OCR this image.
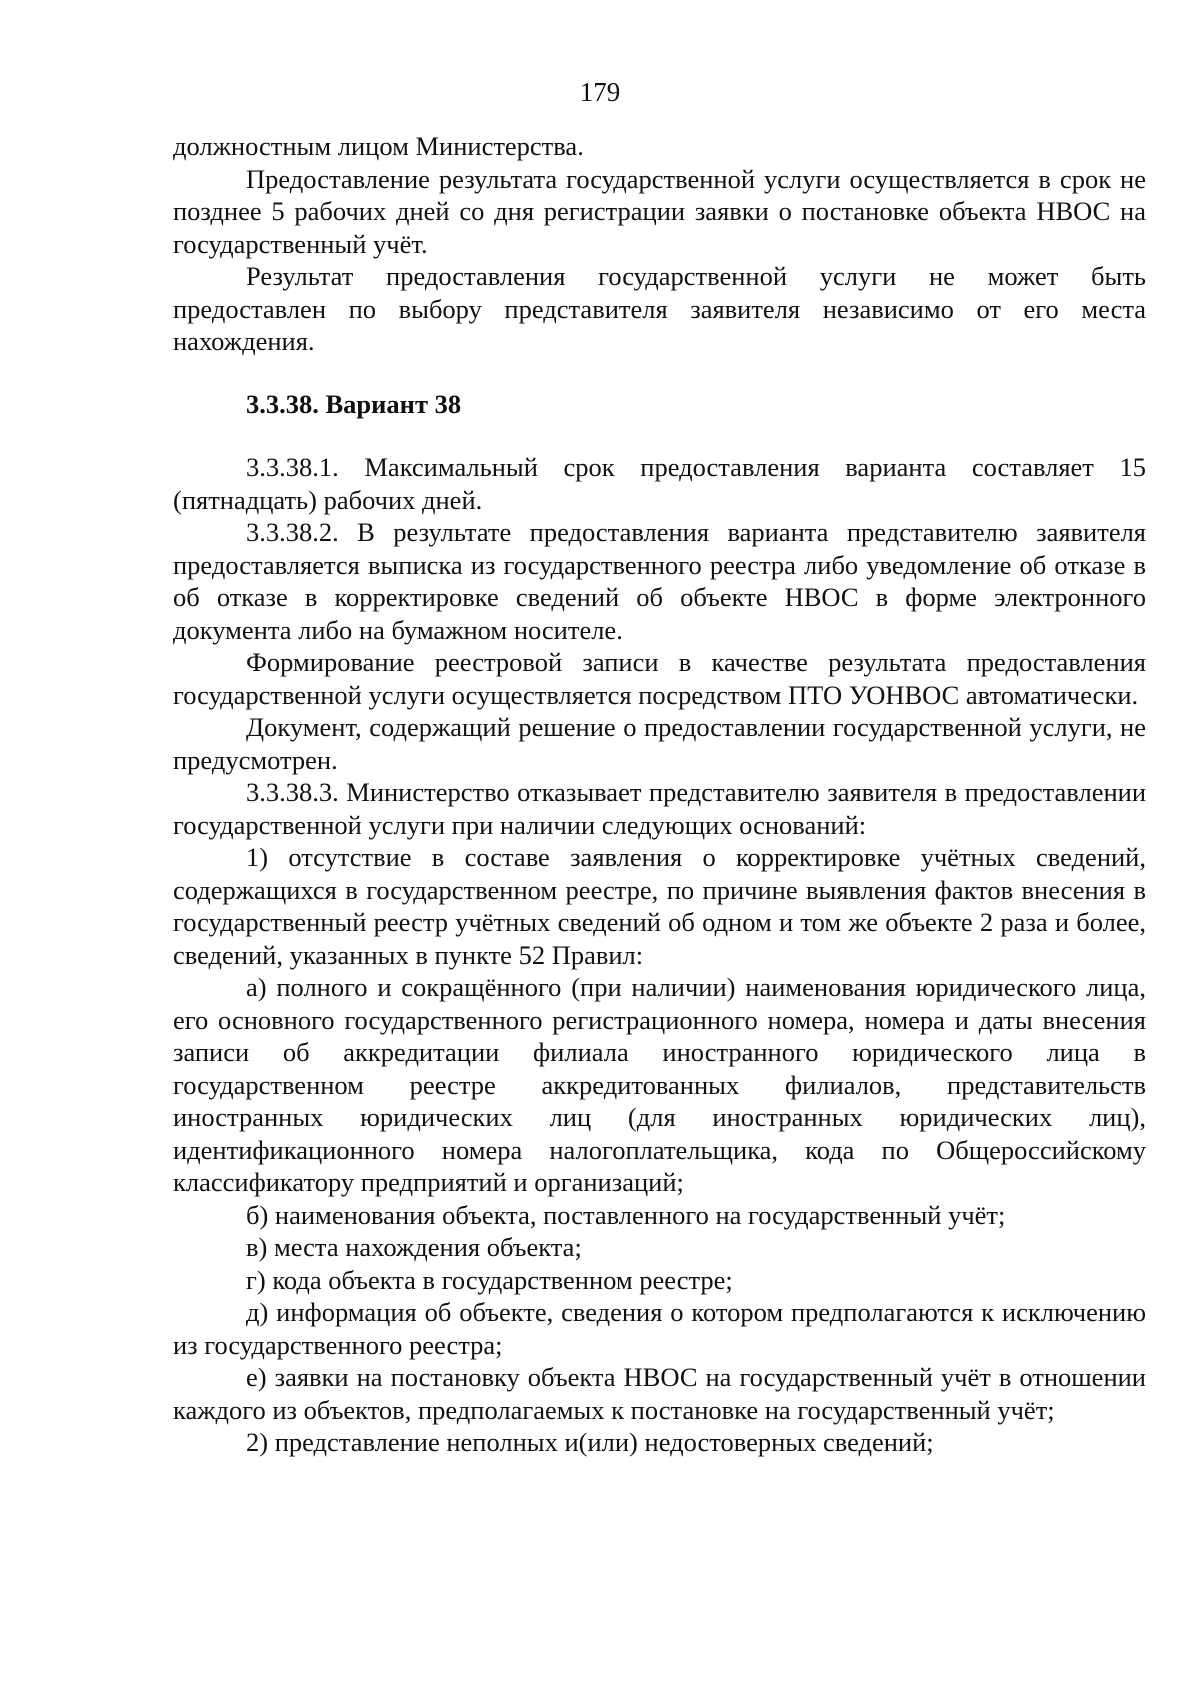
179

должностным лицом Министерства.

Предоставление результата государственной услуги осуществляется в срок не позднее 5 рабочих дней со дня регистрации заявки о постановке объекта НВОС на государственный учёт.

Результат предоставления государственной услуги не может быть предоставлен по выбору представителя заявителя независимо от его места нахождения.

3.3.38. Вариант 38

3.3.38.1. Максимальный срок предоставления варианта составляет 15 (пятнадцать) рабочих дней.

3.3.38.2. В результате предоставления варианта представителю заявителя предоставляется выписка из государственного реестра либо уведомление об отказе в об отказе в корректировке сведений об объекте НВОС в форме электронного документа либо на бумажном носителе.

Формирование реестровой записи в качестве результата предоставления государственной услуги осуществляется посредством ПТО УОНВОС автоматически.

Документ, содержащий решение о предоставлении государственной услуги, не предусмотрен.

3.3.38.3. Министерство отказывает представителю заявителя в предоставлении государственной услуги при наличии следующих оснований:

1) отсутствие в составе заявления о корректировке учётных сведений, содержащихся в государственном реестре, по причине выявления фактов внесения в государственный реестр учётных сведений об одном и том же объекте 2 раза и более, сведений, указанных в пункте 52 Правил:

а) полного и сокращённого (при наличии) наименования юридического лица, его основного государственного регистрационного номера, номера и даты внесения записи об аккредитации филиала иностранного юридического лица в государственном реестре аккредитованных филиалов, представительств иностранных юридических лиц (для иностранных юридических лиц), идентификационного номера налогоплательщика, кода по Общероссийскому классификатору предприятий и организаций;

б) наименования объекта, поставленного на государственный учёт;

в) места нахождения объекта;

г) кода объекта в государственном реестре;

д) информация об объекте, сведения о котором предполагаются к исключению из государственного реестра;

е) заявки на постановку объекта НВОС на государственный учёт в отношении каждого из объектов, предполагаемых к постановке на государственный учёт;

2) представление неполных и(или) недостоверных сведений;
